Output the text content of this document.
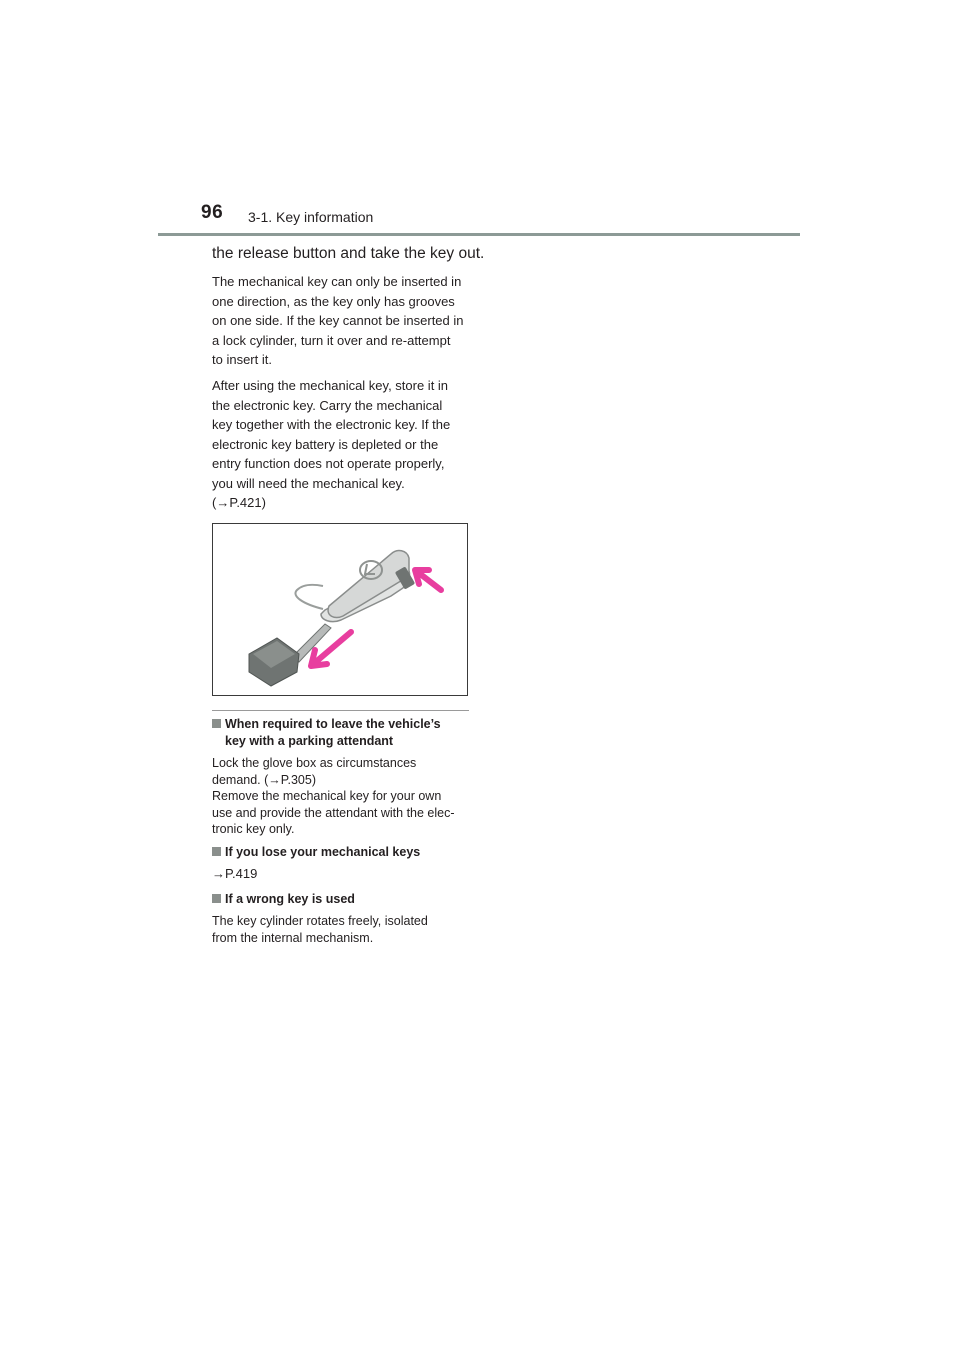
96 3-1. Key information
the release button and take the key out.
The mechanical key can only be inserted in
one direction, as the key only has grooves
on one side. If the key cannot be inserted in
a lock cylinder, turn it over and re-attempt
to insert it.
After using the mechanical key, store it in
the electronic key. Carry the mechanical
key together with the electronic key. If the
electronic key battery is depleted or the
entry function does not operate properly,
you will need the mechanical key.
(→P.421)
When required to leave the vehicle’s
key with a parking attendant
Lock the glove box as circumstances
demand. (→P.305)
Remove the mechanical key for your own
use and provide the attendant with the elec-
tronic key only.
If you lose your mechanical keys
→P.419
If a wrong key is used
The key cylinder rotates freely, isolated
from the internal mechanism.
